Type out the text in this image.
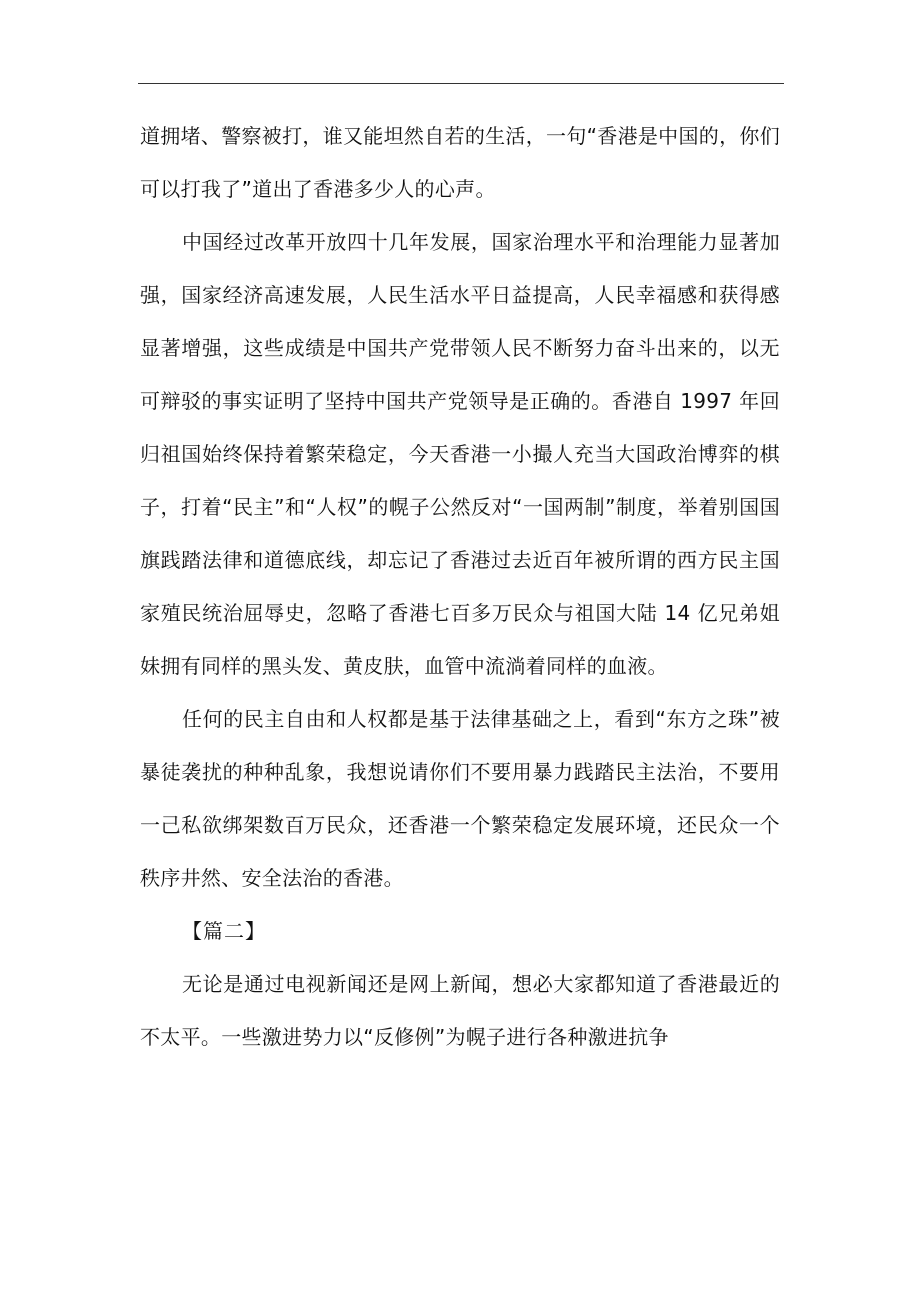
道拥堵、警察被打，谁又能坦然自若的生活，一句“香港是中国的，你们可以打我了”道出了香港多少人的心声。

中国经过改革开放四十几年发展，国家治理水平和治理能力显著加强，国家经济高速发展，人民生活水平日益提高，人民幸福感和获得感显著增强，这些成绩是中国共产党带领人民不断努力奋斗出来的，以无可辩驳的事实证明了坚持中国共产党领导是正确的。香港自 1997 年回归祖国始终保持着繁荣稳定，今天香港一小撮人充当大国政治博弈的棋子，打着“民主”和“人权”的幌子公然反对“一国两制”制度，举着别国国旗践踏法律和道德底线，却忘记了香港过去近百年被所谓的西方民主国家殖民统治屈辱史，忽略了香港七百多万民众与祖国大陆 14 亿兄弟姐妹拥有同样的黑头发、黄皮肤，血管中流淌着同样的血液。

任何的民主自由和人权都是基于法律基础之上，看到“东方之珠”被暴徒袭扰的种种乱象，我想说请你们不要用暴力践踏民主法治，不要用一己私欲绑架数百万民众，还香港一个繁荣稳定发展环境，还民众一个秩序井然、安全法治的香港。

【篇二】

无论是通过电视新闻还是网上新闻，想必大家都知道了香港最近的不太平。一些激进势力以“反修例”为幌子进行各种激进抗争
